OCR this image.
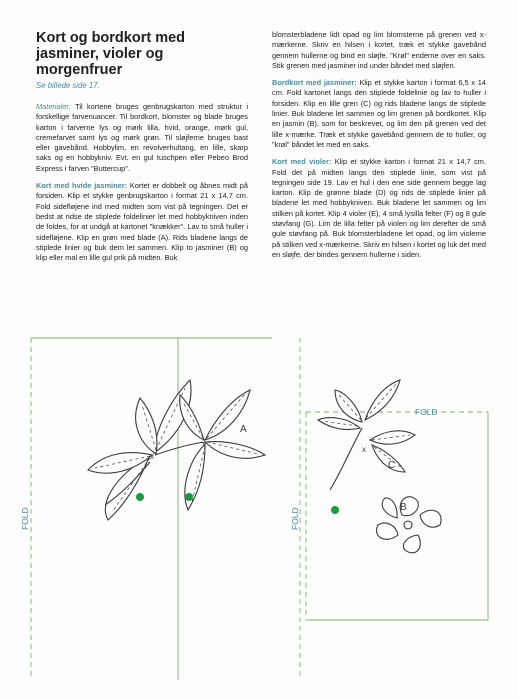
Kort og bordkort med jasminer, violer og morgenfruer
Se billede side 17.

Materialer: Til kortene bruges genbrugskarton med struktur i forskellige farvenuancer. Til bordkort, blomster og blade bruges karton i farverne lys og mørk lilla, hvid, orange, mørk gul, cremefarvet samt lys og mørk grøn. Til sløjferne bruges bast eller gavebånd. Hobbylim, en revolverhultang, en lille, skarp saks og en hobbykniv. Evt. en gul tuschpen eller Pebeo Brod Express i farven "Buttercup".

Kort med hvide jasminer: Kortet er dobbelt og åbnes midt på forsiden. Klip et stykke genbrugskarton i format 21 x 14,7 cm. Fold sidefløjene ind med midten som vist på tegningen. Det er bedst at ridse de stiplede foldelinier let med hobbykniven inden de foldes, for at undgå at kartonet "knækker". Lav to små huller i sidefløjene. Klip en grøn med blade (A). Rids bladene langs de stiplede linier og buk dem let sammen. Klip to jasminer (B) og klip eller mal en lille gul prik på midten. Buk

blomsterbladene lidt opad og lim blomsterne på grenen ved x-mærkerne. Skriv en hilsen i kortet, træk et stykke gavebånd gennem hullerne og bind en sløjfe. "Krøl" enderne over en saks. Stik grenen med jasminer ind under båndet med sløjfen.

Bordkort med jasminer: Klip et stykke karton i format 6,5 x 14 cm. Fold kartonet langs den stiplede foldelinie og lav to huller i forsiden. Klip en lille gren (C) og rids bladene langs de stiplede linier. Buk bladene let sammen og lim grenen på bordkortet. Klip en jasmin (B), som for beskrevet, og lim den på grenen ved det lille x-mærke. Træk et stykke gavebånd gennem de to huller, og "krøl" båndet let med en saks.

Kort med violer: Klip et stykke karton i format 21 x 14,7 cm. Fold det på midten langs den stiplede linie, som vist på tegningen side 19. Lav et hul i den ene side gennem begge lag karton. Klip de grønne blade (D) og rids de stiplede linier på bladene let med hobbykniven. Buk bladene let sammen og lim stilken på kortet. Klip 4 violer (E), 4 små lysilla felter (F) og 8 gule støvfang (G). Lim de lilla felter på violen og lim derefter de små gule støvfang på. Buk blomsterbladene let opad, og lim violerne på stilken ved x-mærkerne. Skriv en hilsen i kortet og luk det med en sløjfe, der bindes gennem hullerne i siden.

A
B
C
x
x
x
FOLD
FOLD	FOLD
